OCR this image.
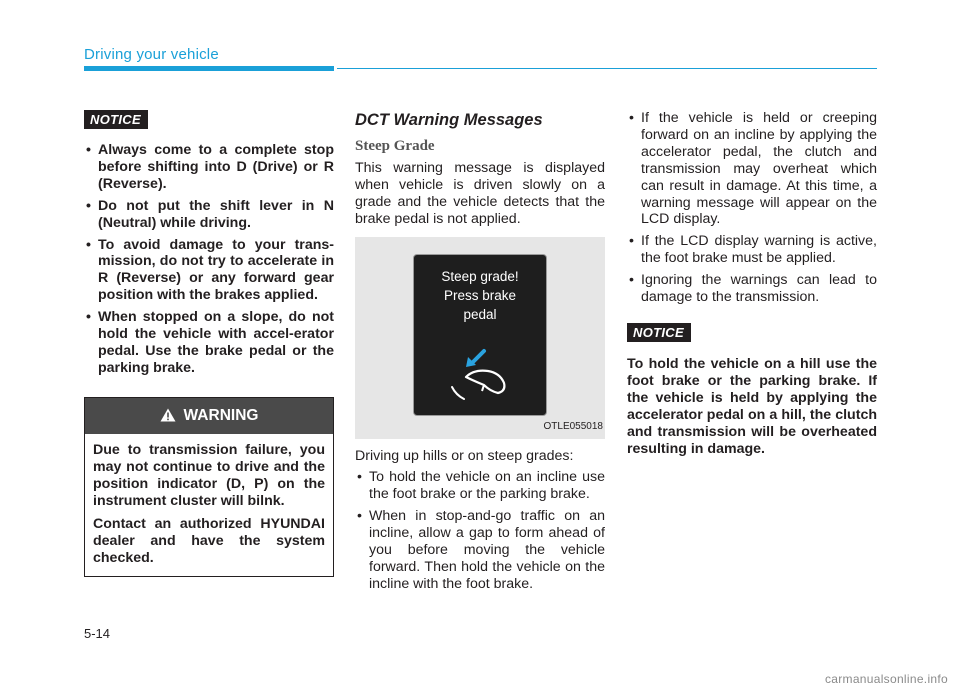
Driving your vehicle
NOTICE
• Always come to a complete stop before shifting into D (Drive) or R (Reverse).
• Do not put the shift lever in N (Neutral) while driving.
• To avoid damage to your trans-mission, do not try to accelerate in R (Reverse) or any forward gear position with the brakes applied.
• When stopped on a slope, do not hold the vehicle with accel-erator pedal. Use the brake pedal or the parking brake.
WARNING

Due to transmission failure, you may not continue to drive and the position indicator (D, P) on the instrument cluster will bilnk.

Contact an authorized HYUNDAI dealer and have the system checked.

DCT Warning Messages
Steep Grade

This warning message is displayed when vehicle is driven slowly on a grade and the vehicle detects that the brake pedal is not applied.

Steep grade!
Press brake
pedal
OTLE055018

Driving up hills or on steep grades:

• To hold the vehicle on an incline use the foot brake or the parking brake.
• When in stop-and-go traffic on an incline, allow a gap to form ahead of you before moving the vehicle forward. Then hold the vehicle on the incline with the foot brake.
• If the vehicle is held or creeping forward on an incline by applying the accelerator pedal, the clutch and transmission may overheat which can result in damage. At this time, a warning message will appear on the LCD display.
• If the LCD display warning is active, the foot brake must be applied.
• Ignoring the warnings can lead to damage to the transmission.
NOTICE

To hold the vehicle on a hill use the foot brake or the parking brake. If the vehicle is held by applying the accelerator pedal on a hill, the clutch and transmission will be overheated resulting in damage.

5-14
carmanualsonline.info
